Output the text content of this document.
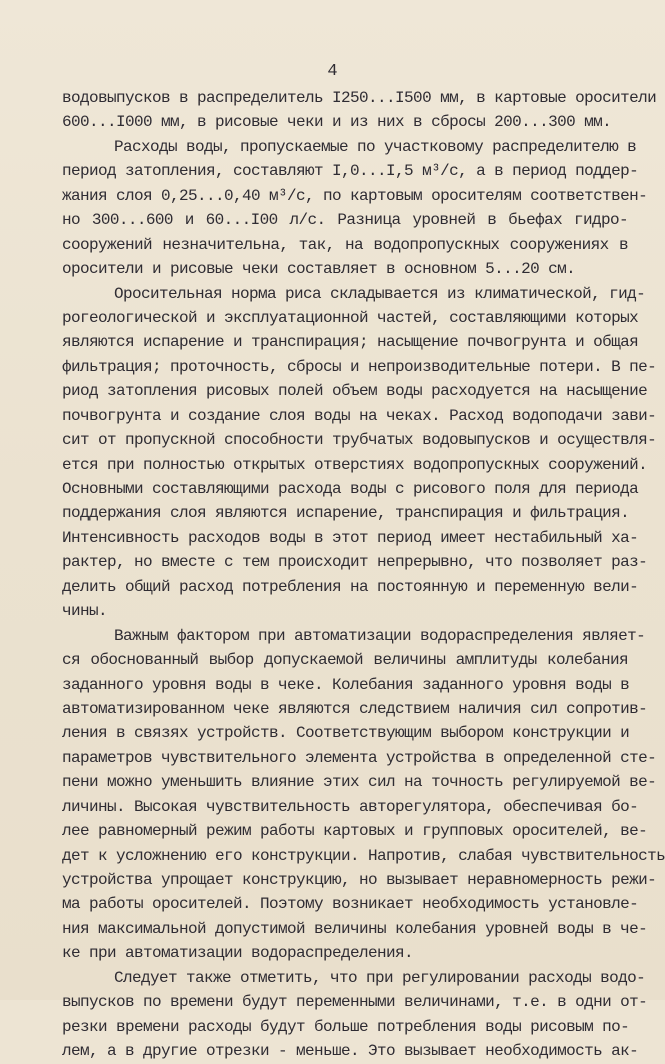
4
водовыпусков в распределитель I250...I500 мм, в картовые оросители
600...I000 мм, в рисовые чеки и из них в сбросы 200...300 мм.
Расходы воды, пропускаемые по участковому распределителю в
период затопления, составляют I,0...I,5 м³/с, а в период поддер-
жания слоя 0,25...0,40 м³/с, по картовым оросителям соответствен-
но 300...600 и 60...I00 л/с. Разница уровней в бьефах гидро-
сооружений незначительна, так, на водопропускных сооружениях в
оросители и рисовые чеки составляет в основном 5...20 см.
Оросительная норма риса складывается из климатической, гид-
рогеологической и эксплуатационной частей, составляющими которых
являются испарение и транспирация; насыщение почвогрунта и общая
фильтрация; проточность, сбросы и непроизводительные потери. В пе-
риод затопления рисовых полей объем воды расходуется на насыщение
почвогрунта и создание слоя воды на чеках. Расход водоподачи зави-
сит от пропускной способности трубчатых водовыпусков и осуществля-
ется при полностью открытых отверстиях водопропускных сооружений.
Основными составляющими расхода воды с рисового поля для периода
поддержания слоя являются испарение, транспирация и фильтрация.
Интенсивность расходов воды в этот период имеет нестабильный ха-
рактер, но вместе с тем происходит непрерывно, что позволяет раз-
делить общий расход потребления на постоянную и переменную вели-
чины.
Важным фактором при автоматизации водораспределения являет-
ся обоснованный выбор допускаемой величины амплитуды колебания
заданного уровня воды в чеке. Колебания заданного уровня воды в
автоматизированном чеке являются следствием наличия сил сопротив-
ления в связях устройств. Соответствующим выбором конструкции и
параметров чувствительного элемента устройства в определенной сте-
пени можно уменьшить влияние этих сил на точность регулируемой ве-
личины. Высокая чувствительность авторегулятора, обеспечивая бо-
лее равномерный режим работы картовых и групповых оросителей, ве-
дет к усложнению его конструкции. Напротив, слабая чувствительность
устройства упрощает конструкцию, но вызывает неравномерность режи-
ма работы оросителей. Поэтому возникает необходимость установле-
ния максимальной допустимой величины колебания уровней воды в че-
ке при автоматизации водораспределения.
Следует также отметить, что при регулировании расходы водо-
выпусков по времени будут переменными величинами, т.е. в одни от-
резки времени расходы будут больше потребления воды рисовым по-
лем, а в другие отрезки - меньше. Это вызывает необходимость ак-
